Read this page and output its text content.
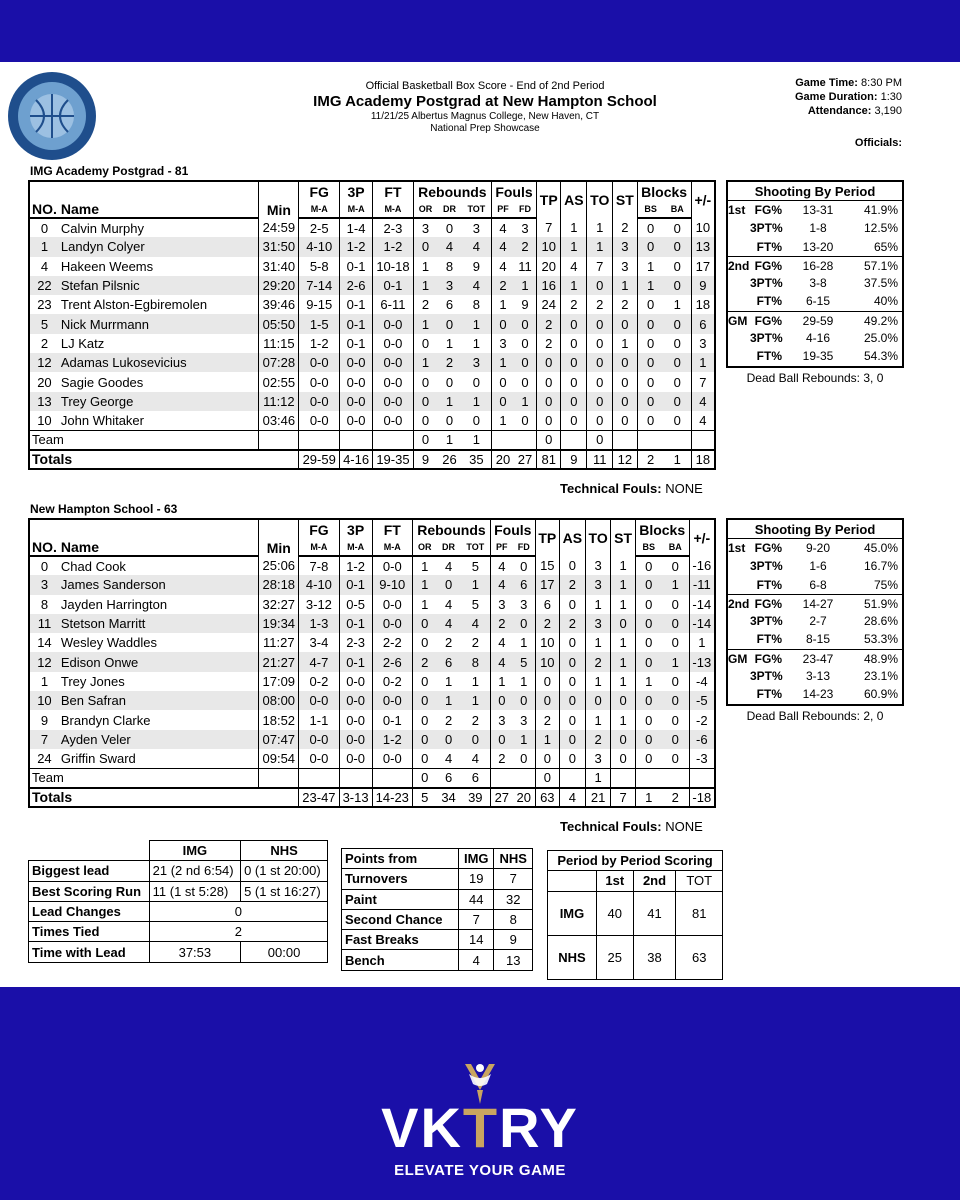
Official Basketball Box Score - End of 2nd Period
IMG Academy Postgrad at New Hampton School
11/21/25 Albertus Magnus College, New Haven, CT
National Prep Showcase
Game Time: 8:30 PM
Game Duration: 1:30
Attendance: 3,190
Officials:
IMG Academy Postgrad - 81
		Min	FG	3P	FT	Rebounds			Fouls		TP	AS	TO	ST	Blocks		+/-
NO.	Name		M-A	M-A	M-A	OR	DR	TOT	PF	FD					BS	BA	
0	Calvin Murphy	24:59	2-5	1-4	2-3	3	0	3	4	3	7	1	1	2	0	0	10
1	Landyn Colyer	31:50	4-10	1-2	1-2	0	4	4	4	2	10	1	1	3	0	0	13
4	Hakeen Weems	31:40	5-8	0-1	10-18	1	8	9	4	11	20	4	7	3	1	0	17
22	Stefan Pilsnic	29:20	7-14	2-6	0-1	1	3	4	2	1	16	1	0	1	1	0	9
23	Trent Alston-Egbiremolen	39:46	9-15	0-1	6-11	2	6	8	1	9	24	2	2	2	0	1	18
5	Nick Murrmann	05:50	1-5	0-1	0-0	1	0	1	0	0	2	0	0	0	0	0	6
2	LJ Katz	11:15	1-2	0-1	0-0	0	1	1	3	0	2	0	0	1	0	0	3
12	Adamas Lukosevicius	07:28	0-0	0-0	0-0	1	2	3	1	0	0	0	0	0	0	0	1
20	Sagie Goodes	02:55	0-0	0-0	0-0	0	0	0	0	0	0	0	0	0	0	0	7
13	Trey George	11:12	0-0	0-0	0-0	0	1	1	0	1	0	0	0	0	0	0	4
10	John Whitaker	03:46	0-0	0-0	0-0	0	0	0	1	0	0	0	0	0	0	0	4
Team						0	1	1			0		0				
Totals			29-59	4-16	19-35	9	26	35	20	27	81	9	11	12	2	1	18
Technical Fouls: NONE
Shooting By Period
1st FG%	13-31	41.9%
3PT%	1-8	12.5%
FT%	13-20	65%
2nd FG%	16-28	57.1%
3PT%	3-8	37.5%
FT%	6-15	40%
GM FG%	29-59	49.2%
3PT%	4-16	25.0%
FT%	19-35	54.3%
Dead Ball Rebounds: 3, 0
New Hampton School - 63
		Min	FG	3P	FT	Rebounds			Fouls		TP	AS	TO	ST	Blocks		+/-
NO.	Name		M-A	M-A	M-A	OR	DR	TOT	PF	FD					BS	BA	
0	Chad Cook	25:06	7-8	1-2	0-0	1	4	5	4	0	15	0	3	1	0	0	-16
3	James Sanderson	28:18	4-10	0-1	9-10	1	0	1	4	6	17	2	3	1	0	1	-11
8	Jayden Harrington	32:27	3-12	0-5	0-0	1	4	5	3	3	6	0	1	1	0	0	-14
11	Stetson Marritt	19:34	1-3	0-1	0-0	0	4	4	2	0	2	2	3	0	0	0	-14
14	Wesley Waddles	11:27	3-4	2-3	2-2	0	2	2	4	1	10	0	1	1	0	0	1
12	Edison Onwe	21:27	4-7	0-1	2-6	2	6	8	4	5	10	0	2	1	0	1	-13
1	Trey Jones	17:09	0-2	0-0	0-2	0	1	1	1	1	0	0	1	1	1	0	-4
10	Ben Safran	08:00	0-0	0-0	0-0	0	1	1	0	0	0	0	0	0	0	0	-5
9	Brandyn Clarke	18:52	1-1	0-0	0-1	0	2	2	3	3	2	0	1	1	0	0	-2
7	Ayden Veler	07:47	0-0	0-0	1-2	0	0	0	0	1	1	0	2	0	0	0	-6
24	Griffin Sward	09:54	0-0	0-0	0-0	0	4	4	2	0	0	0	3	0	0	0	-3
Team						0	6	6			0		1				
Totals			23-47	3-13	14-23	5	34	39	27	20	63	4	21	7	1	2	-18
Technical Fouls: NONE
Shooting By Period
1st FG%	9-20	45.0%
3PT%	1-6	16.7%
FT%	6-8	75%
2nd FG%	14-27	51.9%
3PT%	2-7	28.6%
FT%	8-15	53.3%
GM FG%	23-47	48.9%
3PT%	3-13	23.1%
FT%	14-23	60.9%
Dead Ball Rebounds: 2, 0
	IMG	NHS
Biggest lead	21 (2 nd 6:54)	0 (1 st 20:00)
Best Scoring Run	11 (1 st 5:28)	5 (1 st 16:27)
Lead Changes	0	
Times Tied	2	
Time with Lead	37:53	00:00
Points from	IMG	NHS
Turnovers	19	7
Paint	44	32
Second Chance	7	8
Fast Breaks	14	9
Bench	4	13
Period by Period Scoring			
	1st	2nd	TOT
IMG	40	41	81
NHS	25	38	63
VKTRY
ELEVATE YOUR GAME
